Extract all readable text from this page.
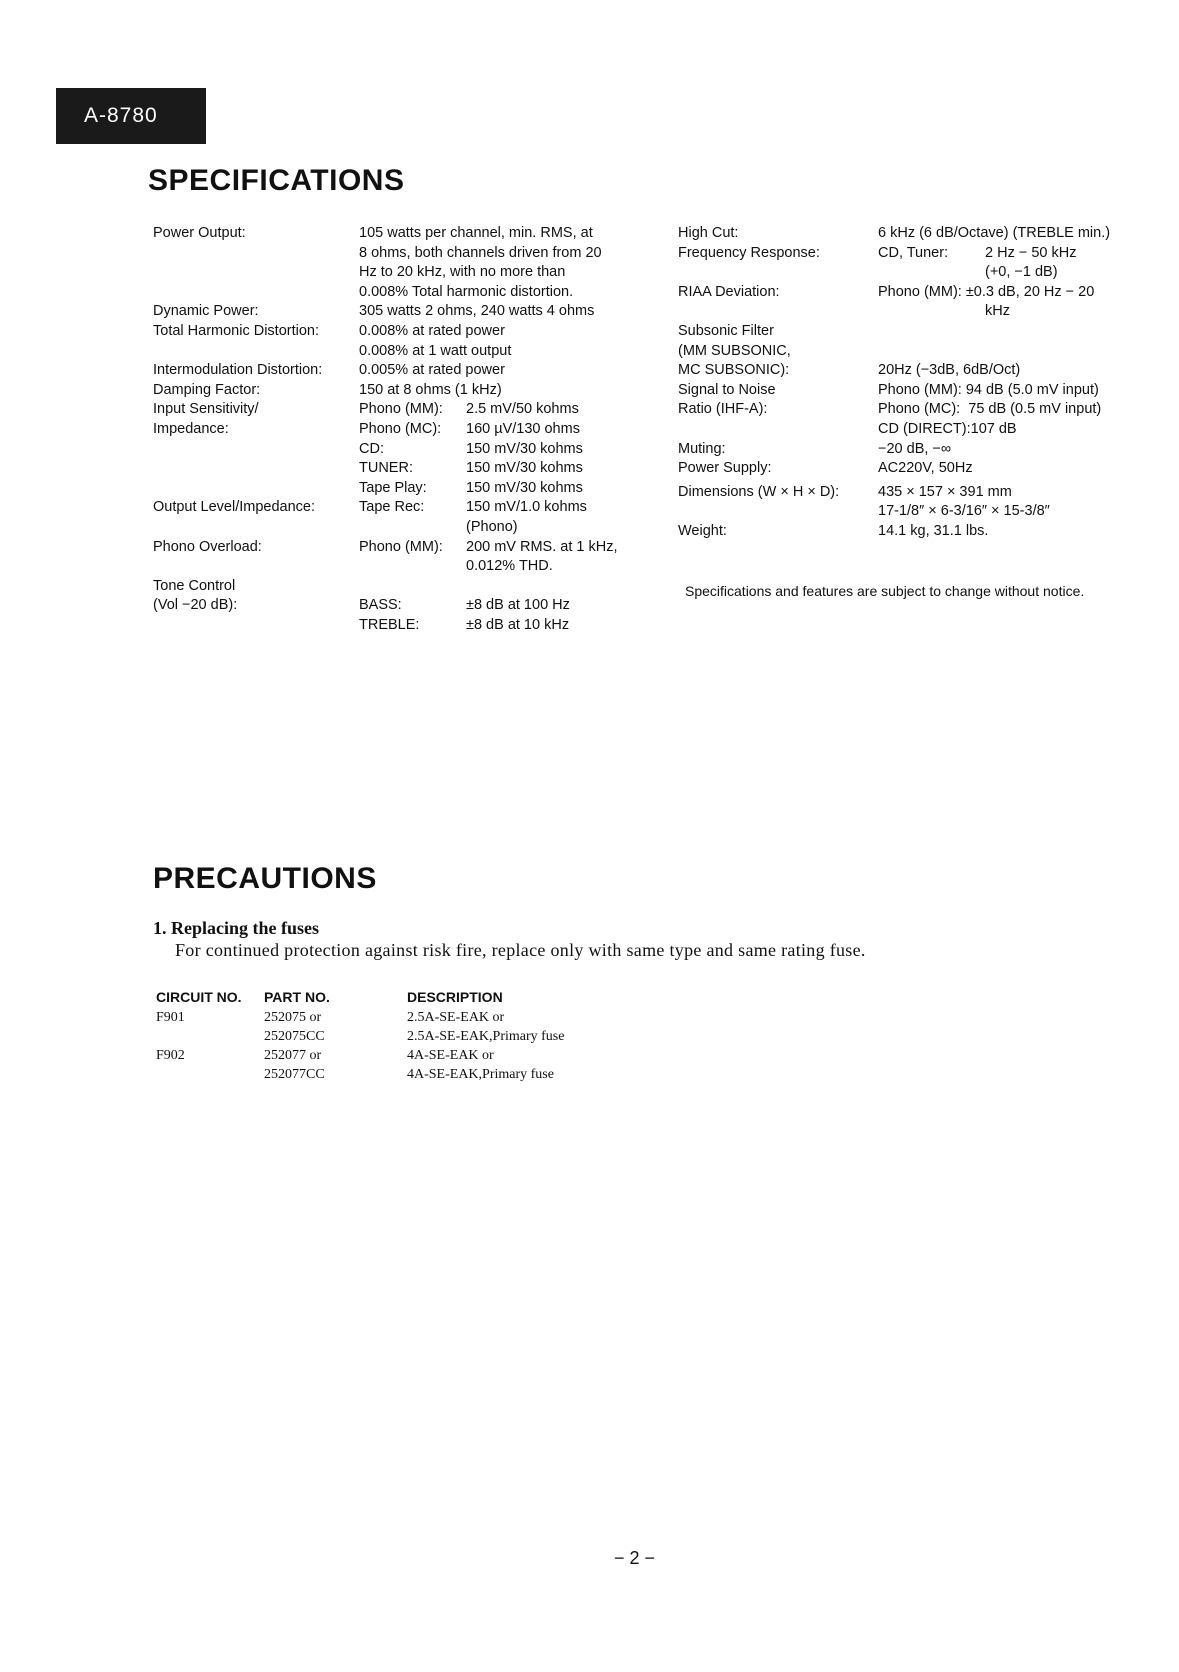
A-8780
SPECIFICATIONS
Power Output:	105 watts per channel, min. RMS, at
8 ohms, both channels driven from 20
Hz to 20 kHz, with no more than
0.008% Total harmonic distortion.
Dynamic Power:	305 watts 2 ohms, 240 watts 4 ohms
Total Harmonic Distortion:	0.008% at rated power
0.008% at 1 watt output
Intermodulation Distortion:	0.005% at rated power
Damping Factor:	150 at 8 ohms (1 kHz)
Input Sensitivity/	Phono (MM): 2.5 mV/50 kohms
Impedance:	Phono (MC): 160 µV/130 ohms
CD:	150 mV/30 kohms
TUNER:	150 mV/30 kohms
Tape Play:	150 mV/30 kohms
Output Level/Impedance:	Tape Rec:	150 mV/1.0 kohms
(Phono)
Phono Overload:	Phono (MM): 200 mV RMS. at 1 kHz,
0.012% THD.
Tone Control
(Vol −20 dB):	BASS:	±8 dB at 100 Hz
TREBLE:	±8 dB at 10 kHz
High Cut:	6 kHz (6 dB/Octave) (TREBLE min.)
Frequency Response:	CD, Tuner:	2 Hz − 50 kHz
(+0, −1 dB)
RIAA Deviation:	Phono (MM): ±0.3 dB, 20 Hz − 20
kHz
Subsonic Filter
(MM SUBSONIC,
MC SUBSONIC):	20Hz (−3dB, 6dB/Oct)
Signal to Noise	Phono (MM): 94 dB (5.0 mV input)
Ratio (IHF-A):	Phono (MC):  75 dB (0.5 mV input)
CD (DIRECT):107 dB
Muting:	−20 dB, −∞
Power Supply:	AC220V, 50Hz
Dimensions (W × H × D):	435 × 157 × 391 mm
17-1/8″ × 6-3/16″ × 15-3/8″
Weight:	14.1 kg, 31.1 lbs.
Specifications and features are subject to change without notice.
PRECAUTIONS
1. Replacing the fuses
For continued protection against risk fire, replace only with same type and same rating fuse.
CIRCUIT NO.	PART NO.	DESCRIPTION
F901	252075 or	2.5A-SE-EAK or
	252075CC	2.5A-SE-EAK,Primary fuse
F902	252077 or	4A-SE-EAK or
	252077CC	4A-SE-EAK,Primary fuse
− 2 −
